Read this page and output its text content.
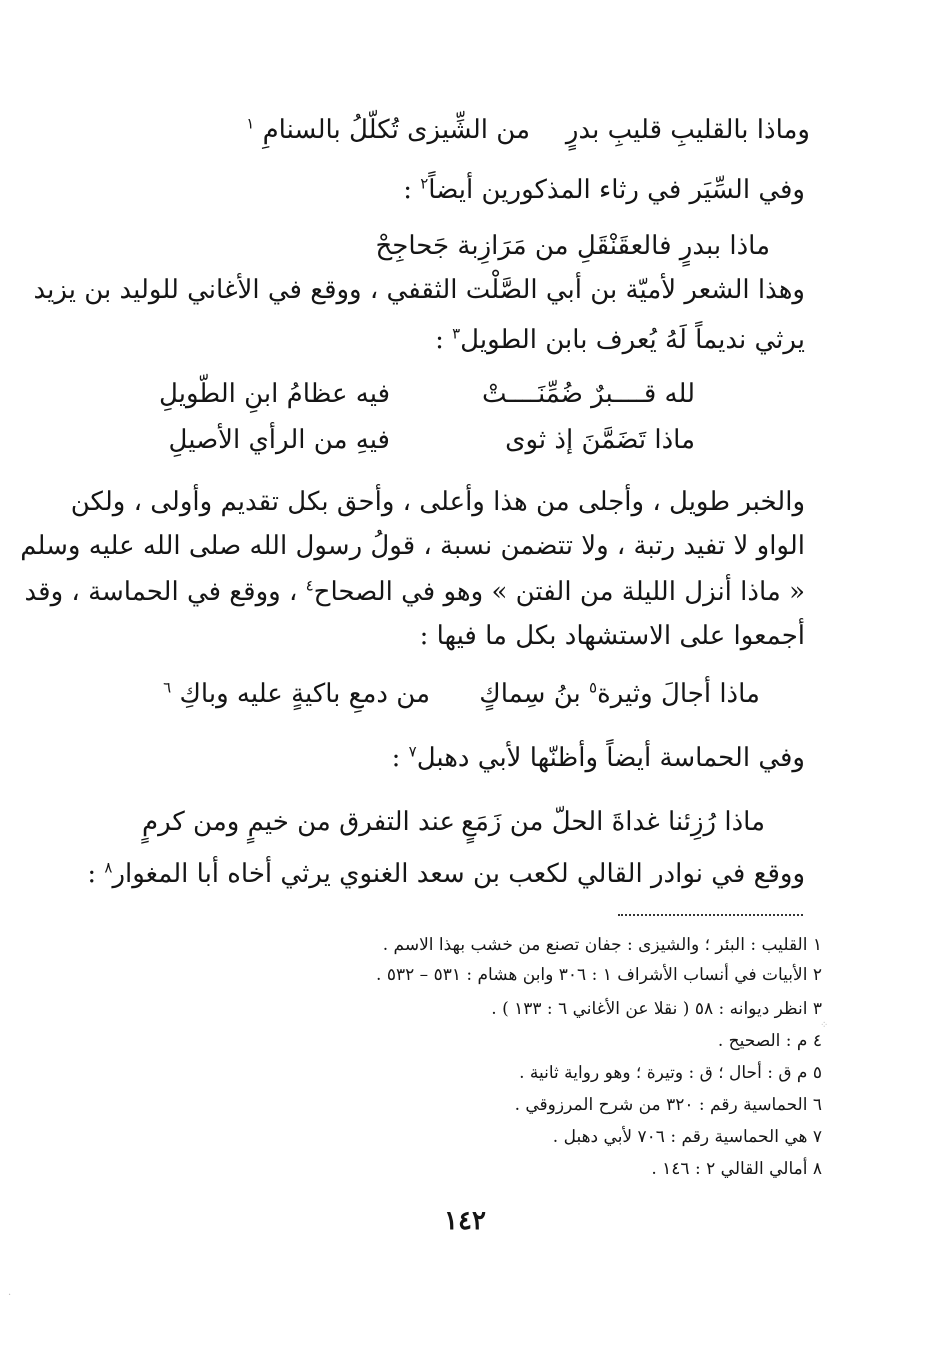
وماذا بالقليبِ قليبِ بدرٍ
من الشِّيزى تُكلّلُ بالسنامِ $^١$
وفي السِّيَر في رثاء المذكورين أيضاً$^٢$ :
ماذا ببدرٍ فالعقَنْقَلِ من مَرَازِبة جَحاجِحْ
وهذا الشعر لأميّة بن أبي الصَّلْت الثقفي ، ووقع في الأغاني للوليد بن يزيد
يرثي نديماً لَهُ يُعرف بابن الطويل$^٣$ :
لله قــــبرٌ ضُمِّنَــــتْ
فيه عظامُ ابنِ الطّويلِ
ماذا تَضَمَّنَ إذ ثوى
فيهِ من الرأي الأصيلِ
والخبر طويل ، وأجلى من هذا وأعلى ، وأحق بكل تقديم وأولى ، ولكن
الواو لا تفيد رتبة ، ولا تتضمن نسبة ، قولُ رسول الله صلى الله عليه وسلم
« ماذا أنزل الليلة من الفتن » وهو في الصحاح$^٤$ ، ووقع في الحماسة ، وقد
أجمعوا على الاستشهاد بكل ما فيها :
ماذا أجالَ وثيرة$^٥$ بنُ سِماكٍ
من دمعِ باكيةٍ عليه وباكِ $^٦$
وفي الحماسة أيضاً وأظنّها لأبي دهبل$^٧$ :
ماذا رُزِئنا غداةَ الحلّ من زَمَعٍ
عند التفرق من خيمٍ ومن كرمٍ
ووقع في نوادر القالي لكعب بن سعد الغنوي يرثي أخاه أبا المغوار$^٨$ :
١ القليب : البئر ؛ والشيزى : جفان تصنع من خشب بهذا الاسم .
٢ الأبيات في أنساب الأشراف ١ : ٣٠٦ وابن هشام : ٥٣١ – ٥٣٢ .
٣ انظر ديوانه : ٥٨ ( نقلا عن الأغاني ٦ : ١٣٣ ) .
٤ م : الصحيح .
٥ م ق : أحال ؛ ق : وتيرة ؛ وهو رواية ثانية .
٦ الحماسية رقم : ٣٢٠ من شرح المرزوقي .
٧ هي الحماسية رقم : ٧٠٦ لأبي دهبل .
٨ أمالي القالي ٢ : ١٤٦ .
١٤٢
⁘
·
